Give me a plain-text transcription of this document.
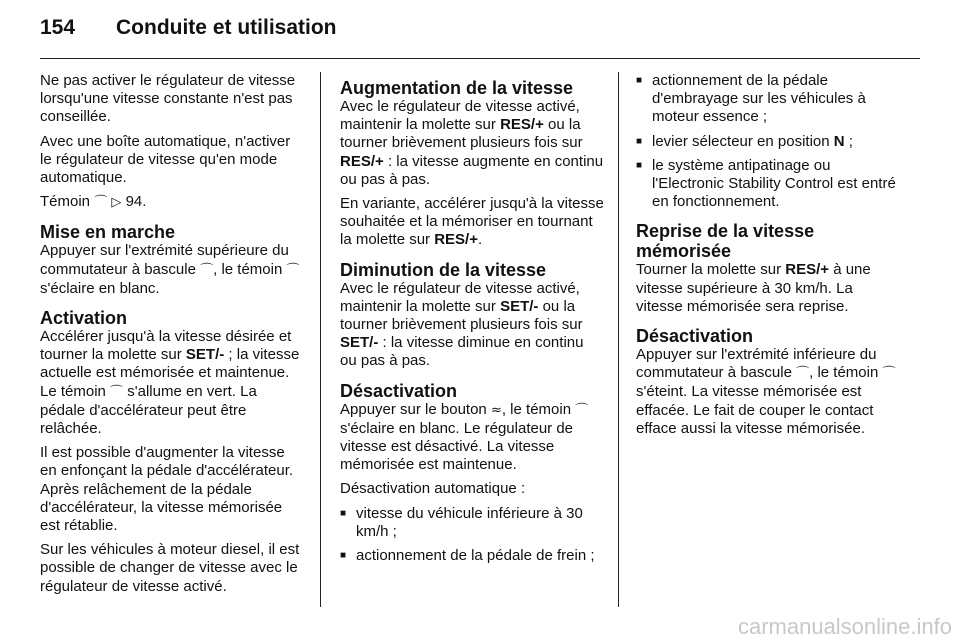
154 Conduite et utilisation

Ne pas activer le régulateur de vitesse lorsqu'une vitesse constante n'est pas conseillée.

Avec une boîte automatique, n'activer le régulateur de vitesse qu'en mode automatique.

Témoin ⌒ ▷ 94.

Mise en marche

Appuyer sur l'extrémité supérieure du commutateur à bascule ⌒, le témoin ⌒ s'éclaire en blanc.

Activation

Accélérer jusqu'à la vitesse désirée et tourner la molette sur SET/- ; la vitesse actuelle est mémorisée et maintenue. Le témoin ⌒ s'allume en vert. La pédale d'accélérateur peut être relâchée.

Il est possible d'augmenter la vitesse en enfonçant la pédale d'accélérateur. Après relâchement de la pédale d'accélérateur, la vitesse mémorisée est rétablie.

Sur les véhicules à moteur diesel, il est possible de changer de vitesse avec le régulateur de vitesse activé.

Augmentation de la vitesse

Avec le régulateur de vitesse activé, maintenir la molette sur RES/+ ou la tourner brièvement plusieurs fois sur RES/+ : la vitesse augmente en continu ou pas à pas.

En variante, accélérer jusqu'à la vitesse souhaitée et la mémoriser en tournant la molette sur RES/+.

Diminution de la vitesse

Avec le régulateur de vitesse activé, maintenir la molette sur SET/- ou la tourner brièvement plusieurs fois sur SET/- : la vitesse diminue en continu ou pas à pas.

Désactivation

Appuyer sur le bouton ≈, le témoin ⌒ s'éclaire en blanc. Le régulateur de vitesse est désactivé. La vitesse mémorisée est maintenue.

Désactivation automatique :

■ vitesse du véhicule inférieure à 30 km/h ;
■ actionnement de la pédale de frein ;
■ actionnement de la pédale d'embrayage sur les véhicules à moteur essence ;
■ levier sélecteur en position N ;
■ le système antipatinage ou l'Electronic Stability Control est entré en fonctionnement.
Reprise de la vitesse mémorisée

Tourner la molette sur RES/+ à une vitesse supérieure à 30 km/h. La vitesse mémorisée sera reprise.

Désactivation

Appuyer sur l'extrémité inférieure du commutateur à bascule ⌒, le témoin ⌒ s'éteint. La vitesse mémorisée est effacée. Le fait de couper le contact efface aussi la vitesse mémorisée.

carmanualsonline.info
